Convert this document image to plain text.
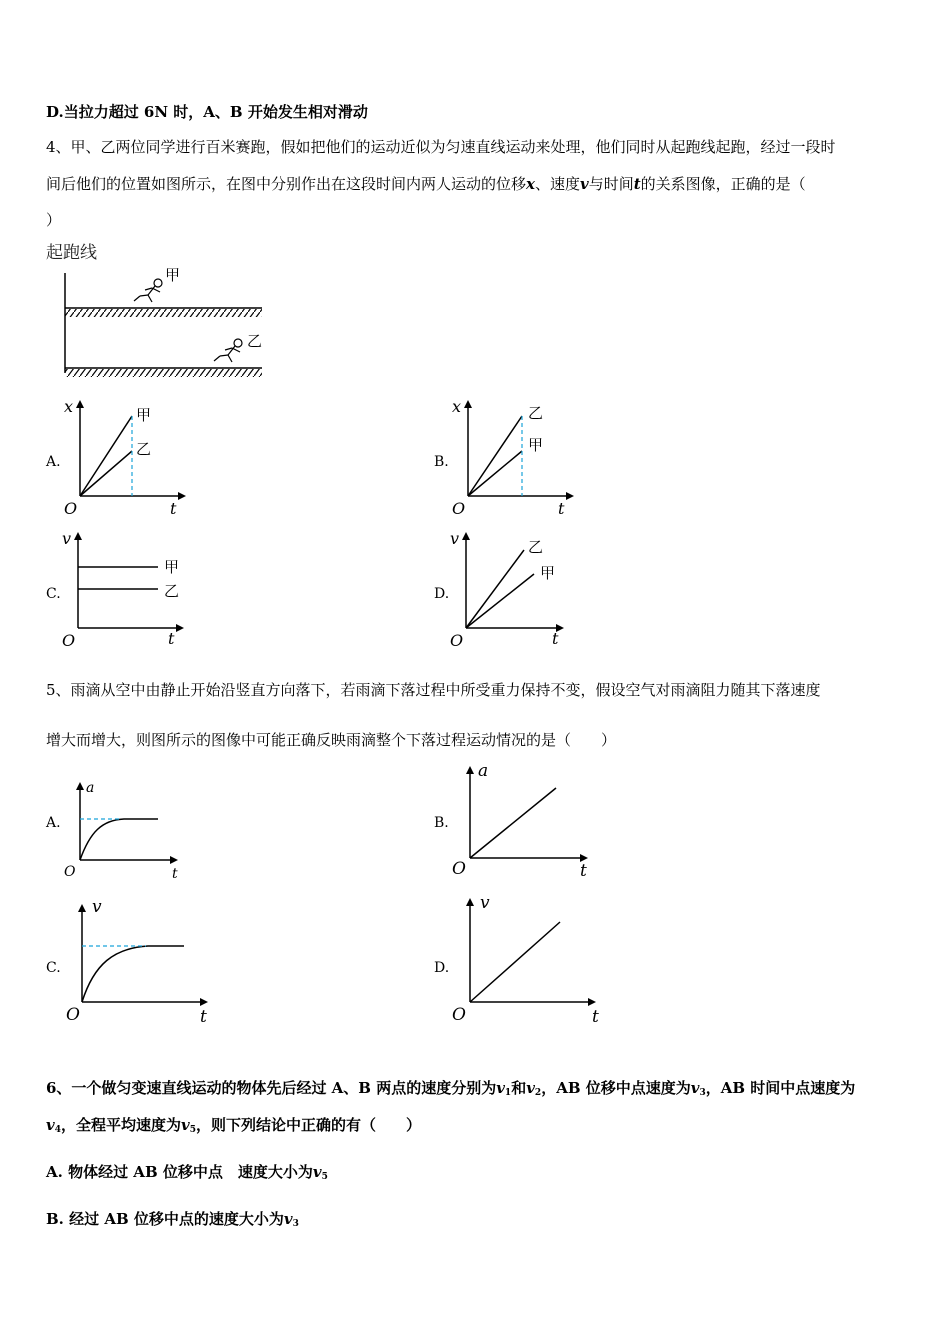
D.当拉力超过 6N 时，A、B 开始发生相对滑动
4、甲、乙两位同学进行百米赛跑，假如把他们的运动近似为匀速直线运动来处理，他们同时从起跑线起跑，经过一段时
间后他们的位置如图所示，在图中分别作出在这段时间内两人运动的位移x、速度v与时间t的关系图像，正确的是（
）
起跑线
甲
乙
A.
x
t
O
甲
乙
B.
x
t
O
乙
甲
C.
v
t
O
甲
乙	D.
v
t
O
乙
甲
5、雨滴从空中由静止开始沿竖直方向落下，若雨滴下落过程中所受重力保持不变，假设空气对雨滴阻力随其下落速度
增大而增大，则图所示的图像中可能正确反映雨滴整个下落过程运动情况的是（　　）
A.
a
t
O
B.
a
t
O
C.
v
t
O
D.
v
t
O
6、一个做匀变速直线运动的物体先后经过 A、B 两点的速度分别为$v_1$和$v_2$，AB 位移中点速度为$v_3$，AB 时间中点速度为
$v_4$，全程平均速度为$v_5$，则下列结论中正确的有（　　）
A. 物体经过 AB 位移中点　速度大小为$v_5$
B. 经过 AB 位移中点的速度大小为$v_3$
